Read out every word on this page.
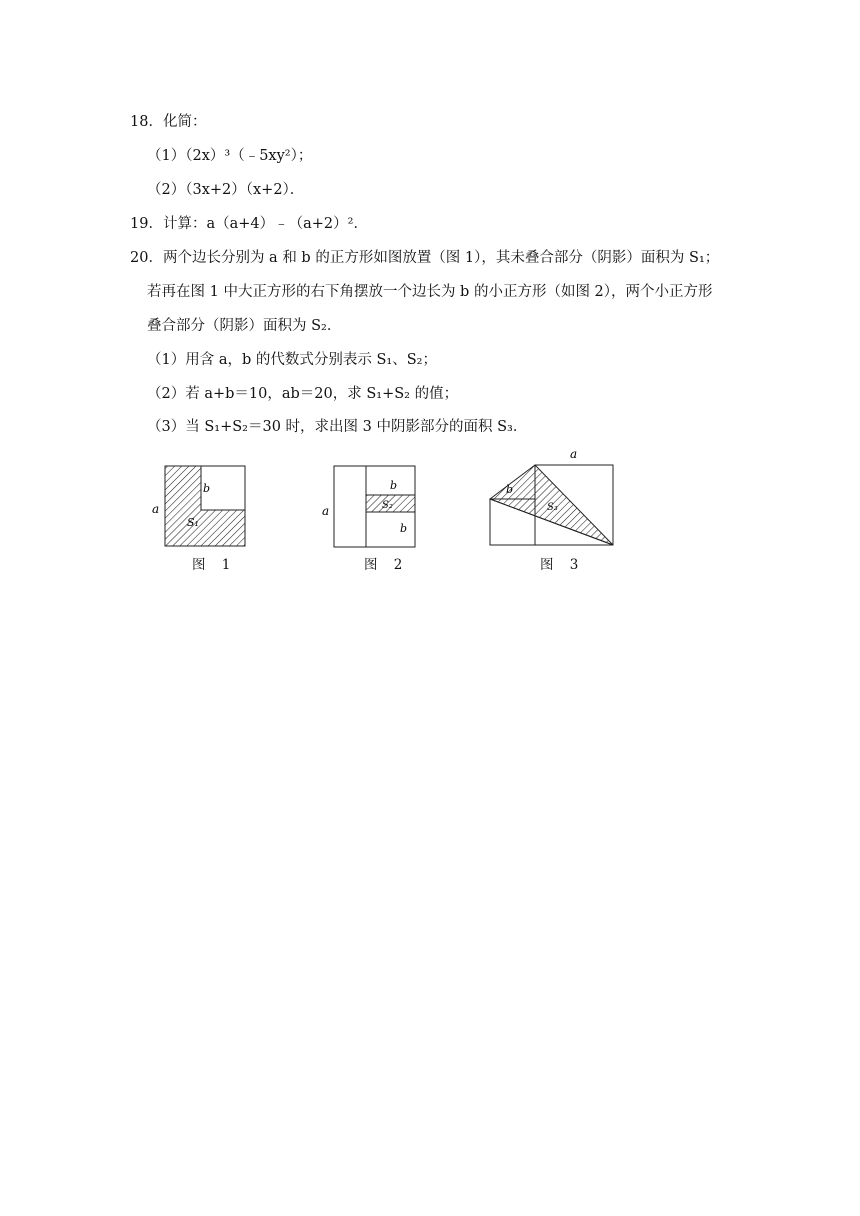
18．化简：
（1）（2x）³（﹣5xy²）；
（2）（3x+2）（x+2）．
19．计算：a（a+4）﹣（a+2）²．
20．两个边长分别为 a 和 b 的正方形如图放置（图 1），其未叠合部分（阴影）面积为 S₁；
若再在图 1 中大正方形的右下角摆放一个边长为 b 的小正方形（如图 2），两个小正方形
叠合部分（阴影）面积为 S₂．
（1）用含 a，b 的代数式分别表示 S₁、S₂；
（2）若 a+b＝10，ab＝20，求 S₁+S₂ 的值；
（3）当 S₁+S₂＝30 时，求出图 3 中阴影部分的面积 S₃．
a
b
S₁
图 1
a
b
S₂
b
图 2
a
b
S₃
图 3
